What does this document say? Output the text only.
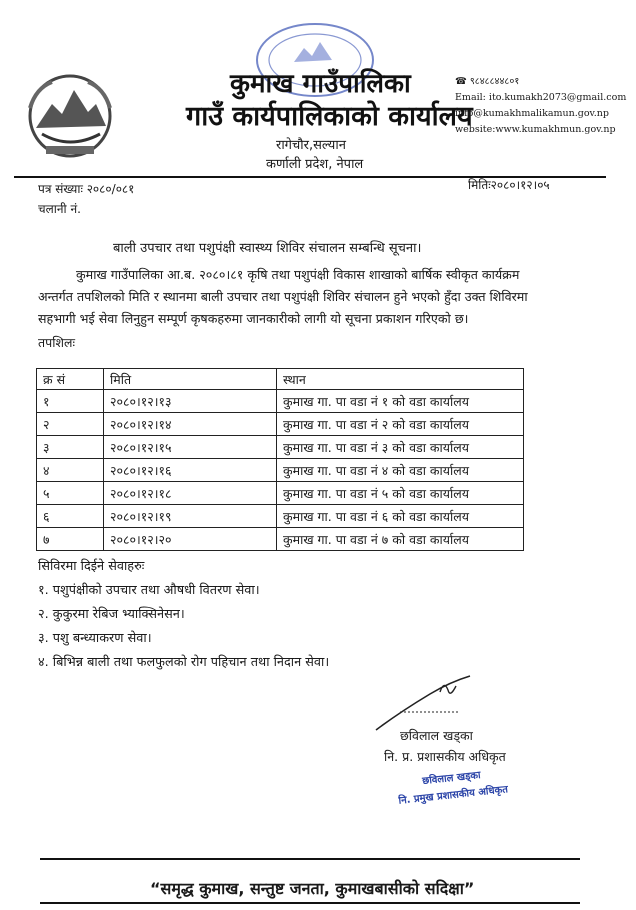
कुमाख गाउँपालिका
गाउँ कार्यपालिकाको कार्यालय
रागेचौर,सल्यान
कर्णाली प्रदेश, नेपाल
☎ ९८४८८४४८०१
Email: ito.kumakh2073@gmail.com
info@kumakhmalikamun.gov.np
website:www.kumakhmun.gov.np
पत्र संख्याः २०८०/०८१
चलानी नं.
मितिः२०८०।१२।०५
बाली उपचार तथा पशुपंक्षी स्वास्थ्य शिविर संचालन सम्बन्धि सूचना।
कुमाख गाउँपालिका आ.ब. २०८०।८१ कृषि तथा पशुपंक्षी विकास शाखाको बार्षिक स्वीकृत कार्यक्रम
अन्तर्गत तपशिलको मिति र स्थानमा बाली उपचार तथा पशुपंक्षी शिविर संचालन हुने भएको हुँदा उक्त शिविरमा
सहभागी भई सेवा लिनुहुन सम्पूर्ण कृषकहरुमा जानकारीको लागी यो सूचना प्रकाशन गरिएको छ।
तपशिलः
क्र सं	मिति	स्थान
१	२०८०।१२।१३	कुमाख गा. पा वडा नं १ को वडा कार्यालय
२	२०८०।१२।१४	कुमाख गा. पा वडा नं २ को वडा कार्यालय
३	२०८०।१२।१५	कुमाख गा. पा वडा नं ३ को वडा कार्यालय
४	२०८०।१२।१६	कुमाख गा. पा वडा नं ४ को वडा कार्यालय
५	२०८०।१२।१८	कुमाख गा. पा वडा नं ५ को वडा कार्यालय
६	२०८०।१२।१९	कुमाख गा. पा वडा नं ६ को वडा कार्यालय
७	२०८०।१२।२०	कुमाख गा. पा वडा नं ७ को वडा कार्यालय
सिविरमा दिईने सेवाहरुः
१. पशुपंक्षीको उपचार तथा औषधी वितरण सेवा।
२. कुकुरमा रेबिज भ्याक्सिनेसन।
३. पशु बन्ध्याकरण सेवा।
४. बिभिन्न बाली तथा फलफुलको रोग पहिचान तथा निदान सेवा।
छविलाल खड्का
नि. प्र. प्रशासकीय अधिकृत
छविलाल खड्का
नि. प्रमुख प्रशासकीय अधिकृत
“समृद्ध कुमाख, सन्तुष्ट जनता, कुमाखबासीको सदिक्षा”
